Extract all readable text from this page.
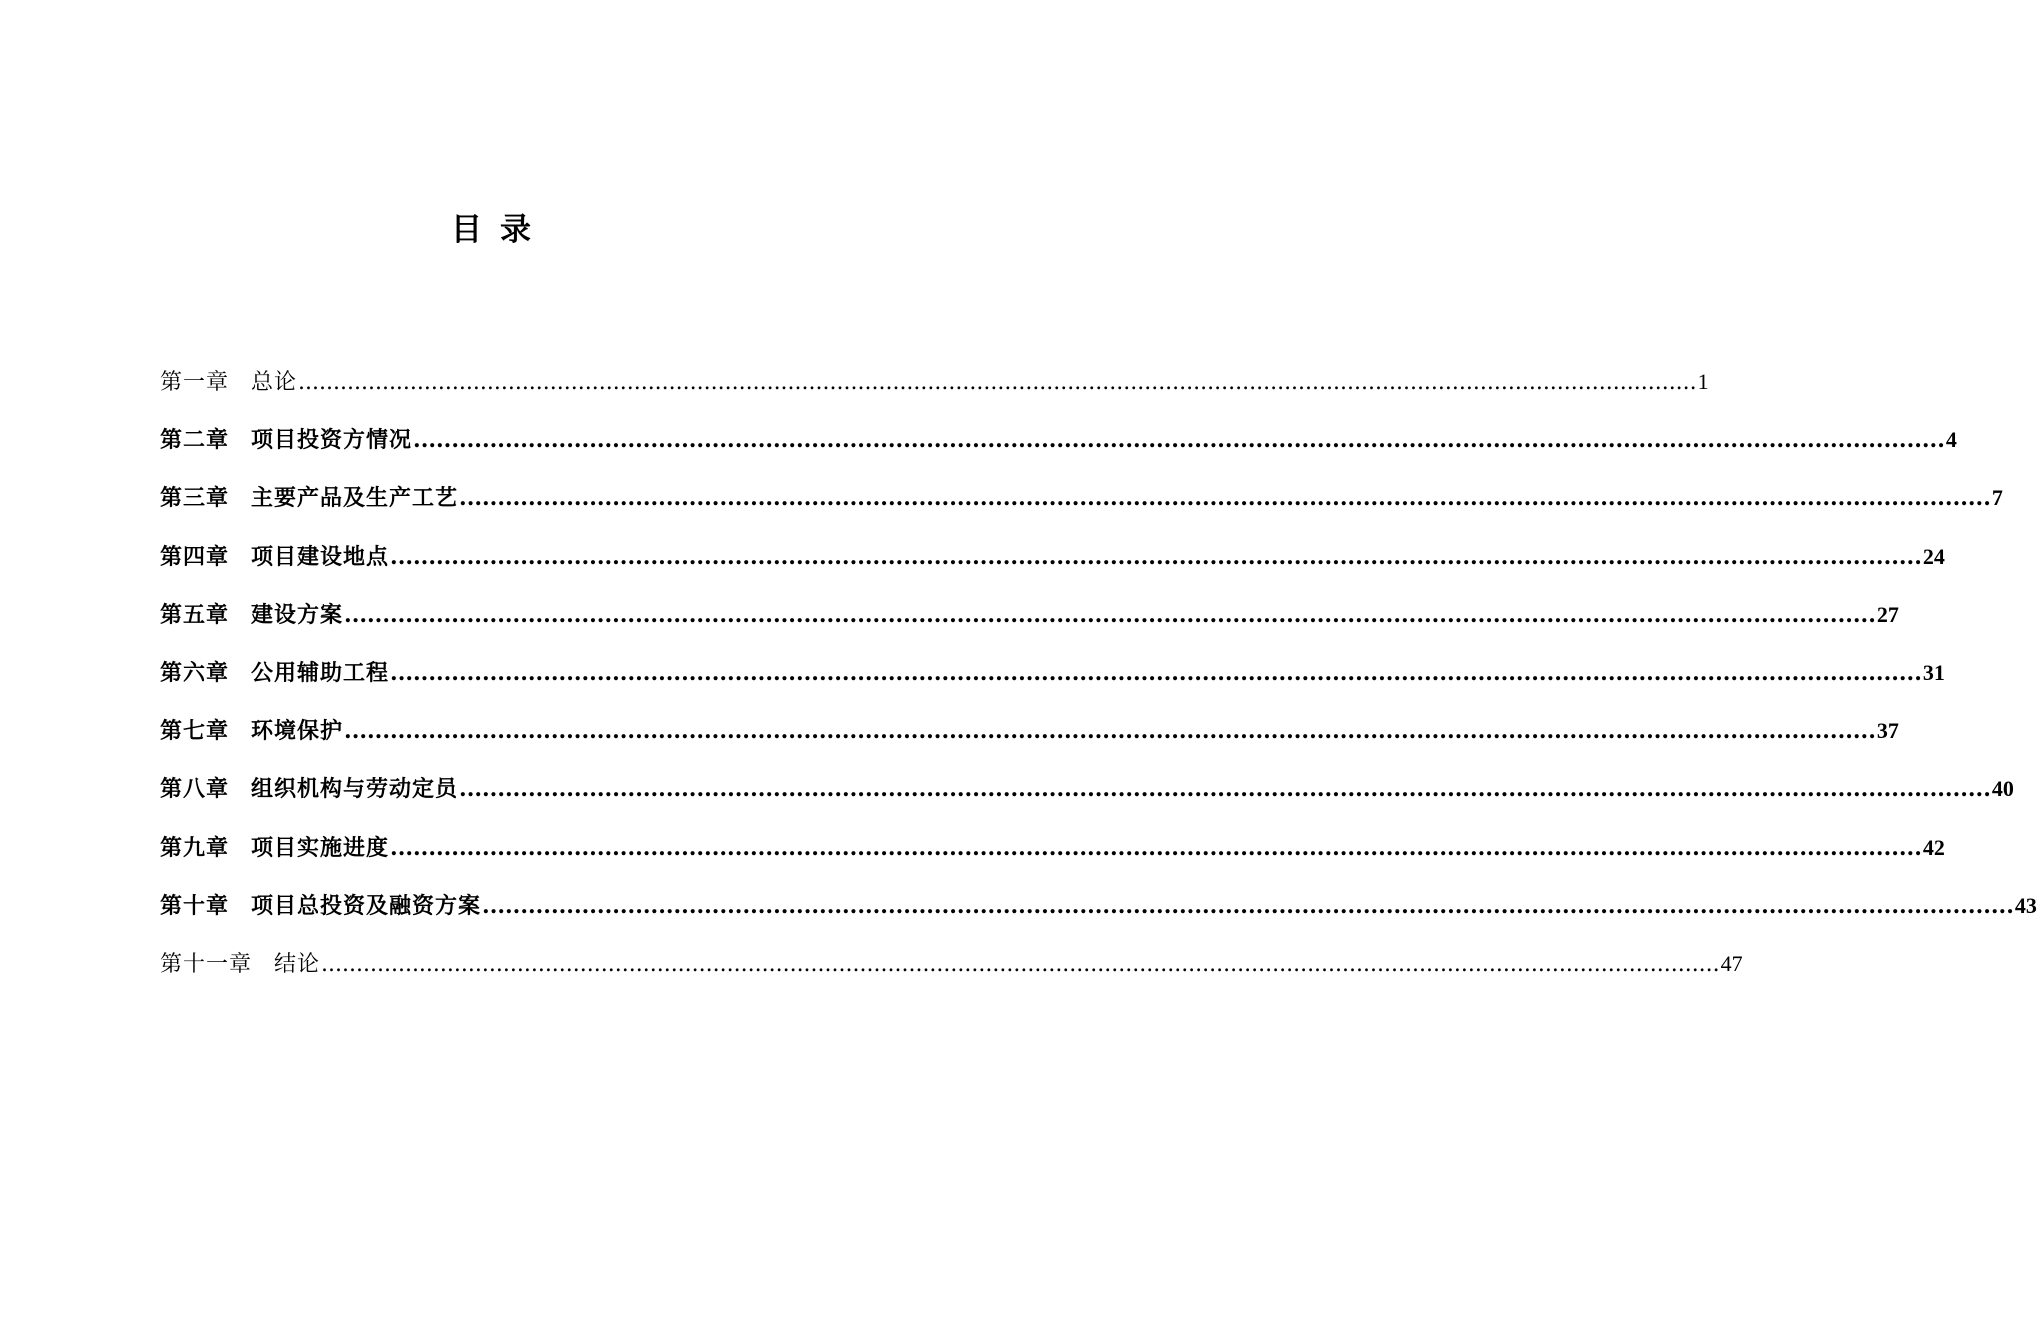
目录
第一章 总论 ........................................................................................................................................................................................................ 1
第二章 项目投资方情况 ........................................................................................................................................................................................................ 4
第三章 主要产品及生产工艺 ........................................................................................................................................................................................................ 7
第四章 项目建设地点 ........................................................................................................................................................................................................ 24
第五章 建设方案 ........................................................................................................................................................................................................ 27
第六章 公用辅助工程 ........................................................................................................................................................................................................ 31
第七章 环境保护 ........................................................................................................................................................................................................ 37
第八章 组织机构与劳动定员 ........................................................................................................................................................................................................ 40
第九章 项目实施进度 ........................................................................................................................................................................................................ 42
第十章 项目总投资及融资方案 ........................................................................................................................................................................................................ 43
第十一章 结论 ........................................................................................................................................................................................................ 47
